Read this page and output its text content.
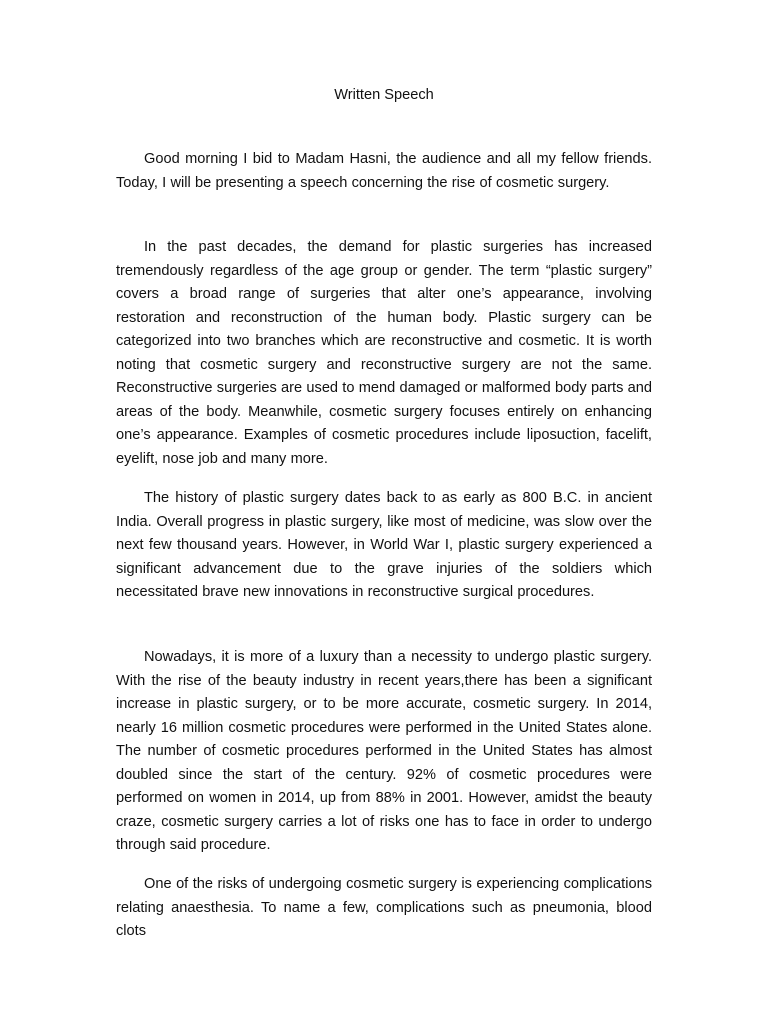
Written Speech

Good morning I bid to Madam Hasni, the audience and all my fellow friends. Today, I will be presenting a speech concerning the rise of cosmetic surgery.

In the past decades, the demand for plastic surgeries has increased tremendously regardless of the age group or gender. The term “plastic surgery” covers a broad range of surgeries that alter one’s appearance, involving restoration and reconstruction of the human body. Plastic surgery can be categorized into two branches which are reconstructive and cosmetic. It is worth noting that cosmetic surgery and reconstructive surgery are not the same. Reconstructive surgeries are used to mend damaged or malformed body parts and areas of the body. Meanwhile, cosmetic surgery focuses entirely on enhancing one’s appearance. Examples of cosmetic procedures include liposuction, facelift, eyelift, nose job and many more.

The history of plastic surgery dates back to as early as 800 B.C. in ancient India. Overall progress in plastic surgery, like most of medicine, was slow over the next few thousand years. However, in World War I, plastic surgery experienced a significant advancement due to the grave injuries of the soldiers which necessitated brave new innovations in reconstructive surgical procedures.

Nowadays, it is more of a luxury than a necessity to undergo plastic surgery. With the rise of the beauty industry in recent years,there has been a significant increase in plastic surgery, or to be more accurate, cosmetic surgery. In 2014, nearly 16 million cosmetic procedures were performed in the United States alone. The number of cosmetic procedures performed in the United States has almost doubled since the start of the century. 92% of cosmetic procedures were performed on women in 2014, up from 88% in 2001. However, amidst the beauty craze, cosmetic surgery carries a lot of risks one has to face in order to undergo through said procedure.

One of the risks of undergoing cosmetic surgery is experiencing complications relating anaesthesia. To name a few, complications such as pneumonia, blood clots
